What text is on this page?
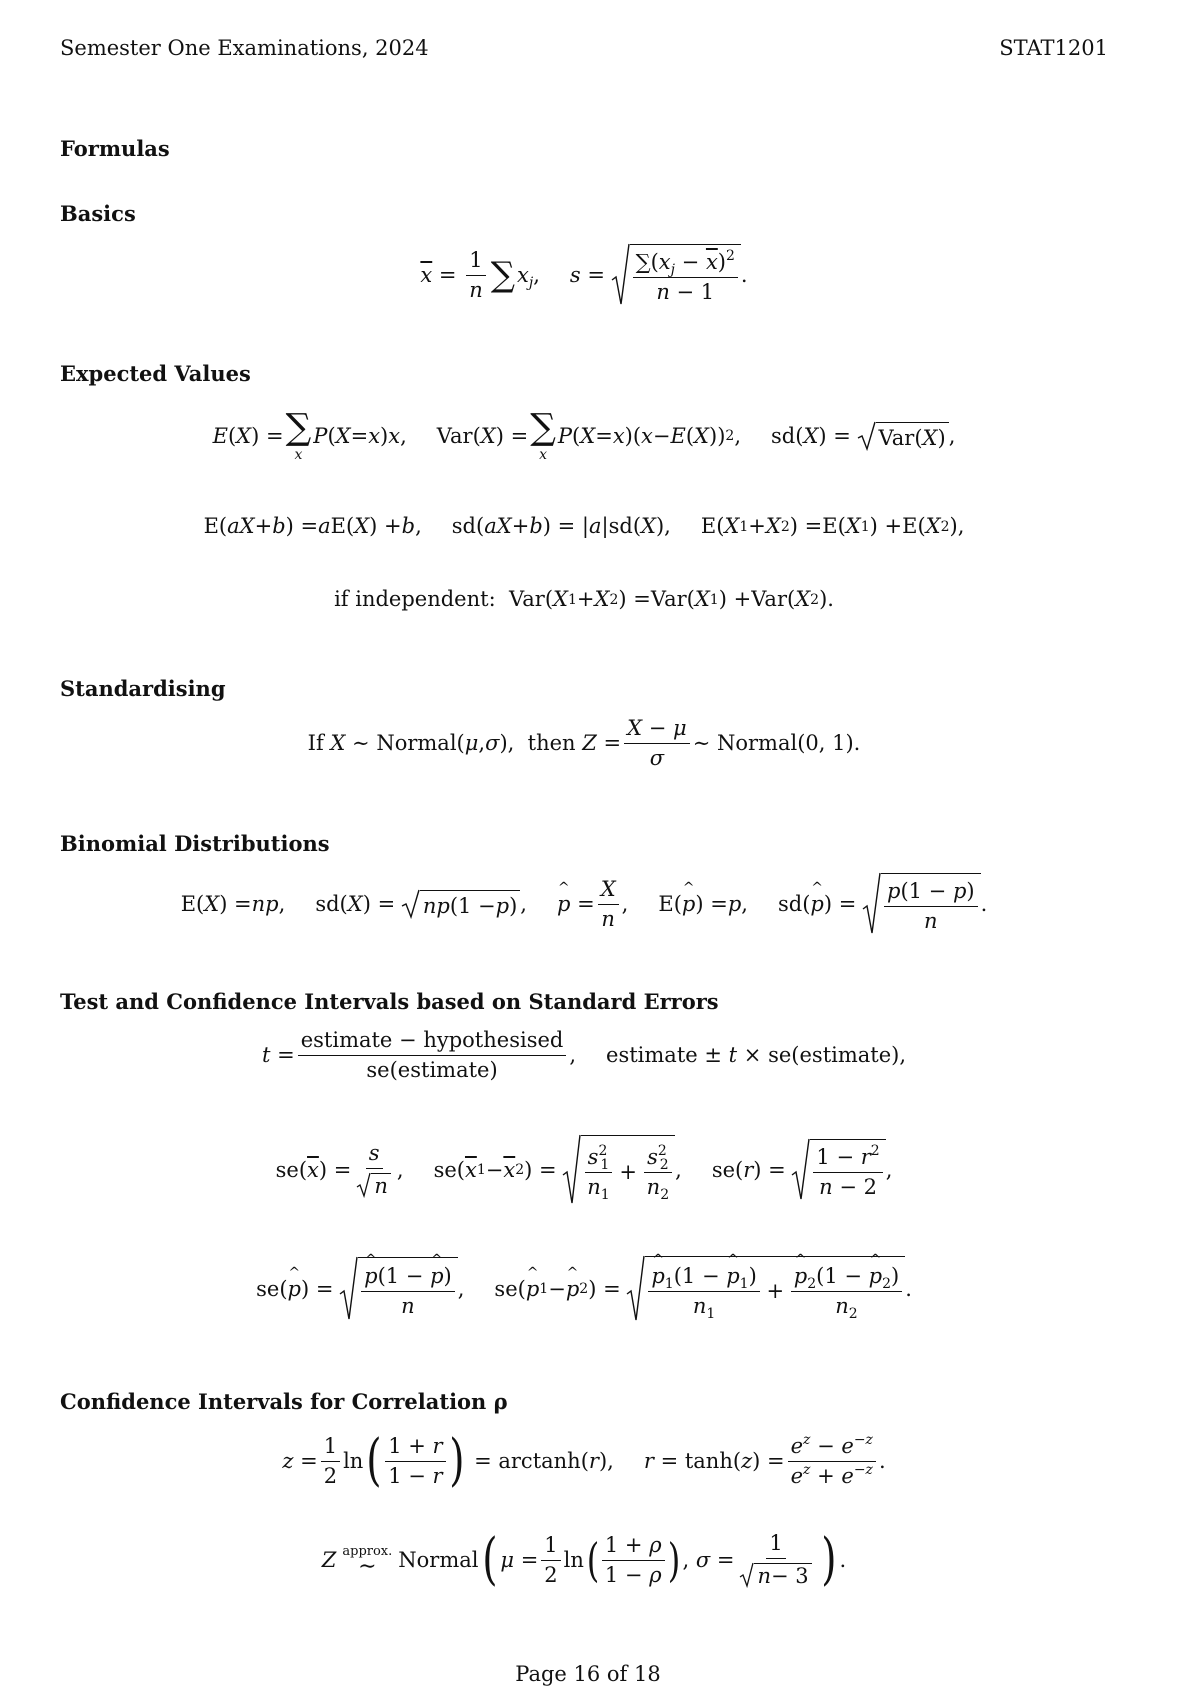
Semester One Examinations, 2024	STAT1201
Formulas
Basics
$\overline{x} = \frac{1}{n}$ ∑ $x_j$ , $s = \frac{\sum(x_j - \overline{x})^2}{n - 1}$ .
Expected Values
E ( X ) = ∑
x
P ( X = x ) x , Var ( X ) = ∑
x
P ( X = x )( x − E ( X )) 2 , sd ( X ) = Var ( X ) ,
E ( aX + b ) = a E ( X ) + b , sd ( aX + b ) = | a | sd ( X ), E ( X 1 + X 2 ) = E ( X 1 ) + E ( X 2 ),
if independent:
Var ( X 1 + X 2 ) = Var ( X 1 ) + Var ( X 2 ).
Standardising
If
X ∼ Normal ( μ , σ ), then
$Z = \frac{X - \mu}{\sigma}$ ∼ Normal (0, 1).
Binomial Distributions
E ( X ) = np , sd ( X ) = np (1 − p ) , p
^
= $\frac{X}{n}$ , E ( p
^
) = p , sd ( p
^
) = $\frac{p(1 - p)}{n}$ .
Test and Confidence Intervals based on Standard Errors
$t = \frac{\text{estimate − hypothesised}}{\text{se(estimate)}}$ , estimate ± t × se ( estimate ),
se ( $\overline{x}$ ) = $\frac{s}{n}$ , se ( $\overline{x}$ $1 - \overline{x}$ 2 ) = $\frac{s^2_1}{n_1} + \frac{s^2_2}{n_2}$ , se ( r ) = $\frac{1 - r^2}{n - 2}$ ,
se ( p
^
) = p
^
(1 − p
^
)
n , se ( p
^
1 − p
^
2 ) = p
^
$_1$(1 − p
^
$_1$)
$n_1 + p$
^
$_2$(1 − p
^
$_2$)
$n_2$ .
Confidence Intervals for Correlation ρ
$z = \frac{1}{2}$ ln ( $\frac{1 + r}{1 - r}$ ) = arctanh ( r ), r = tanh ( z ) = $\frac{e^z - e^{-z}}{e^z + e^{-z}}$ .
Z approx.
∼ Normal ( $\mu = \frac{1}{2}$ ln ( $\frac{1 + \rho}{1 - \rho}$ ) , $\sigma = \frac{1}{n - 3}$ ) .
Page 16 of 18
